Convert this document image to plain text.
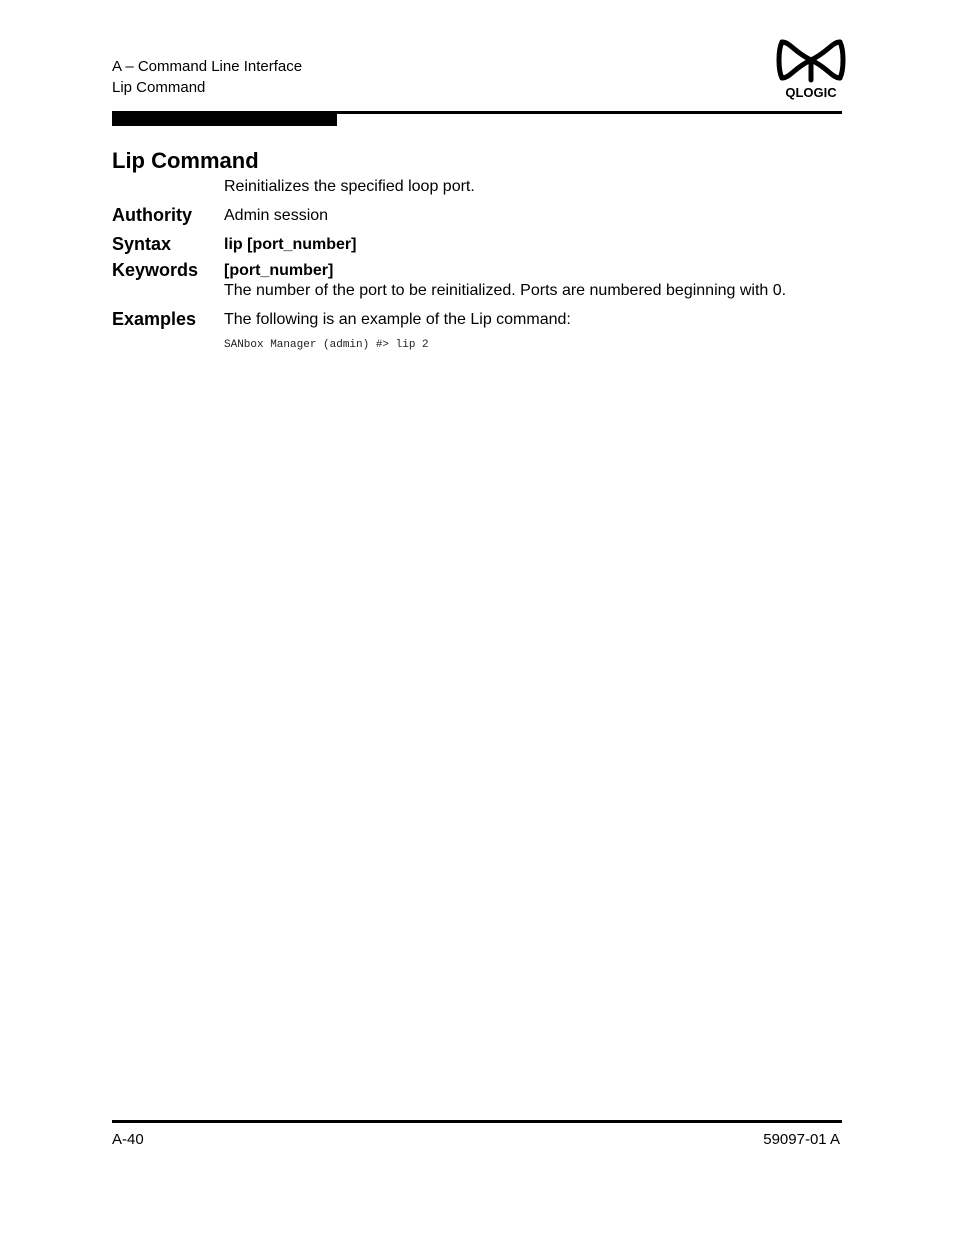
A – Command Line Interface
Lip Command	QLOGIC
Lip Command
Reinitializes the specified loop port.
Authority Admin session
Syntax	lip [port_number]
Keywords [port_number]
The number of the port to be reinitialized. Ports are numbered beginning with 0.
Examples The following is an example of the Lip command:
SANbox Manager (admin) #> lip 2
A-40	59097-01 A
